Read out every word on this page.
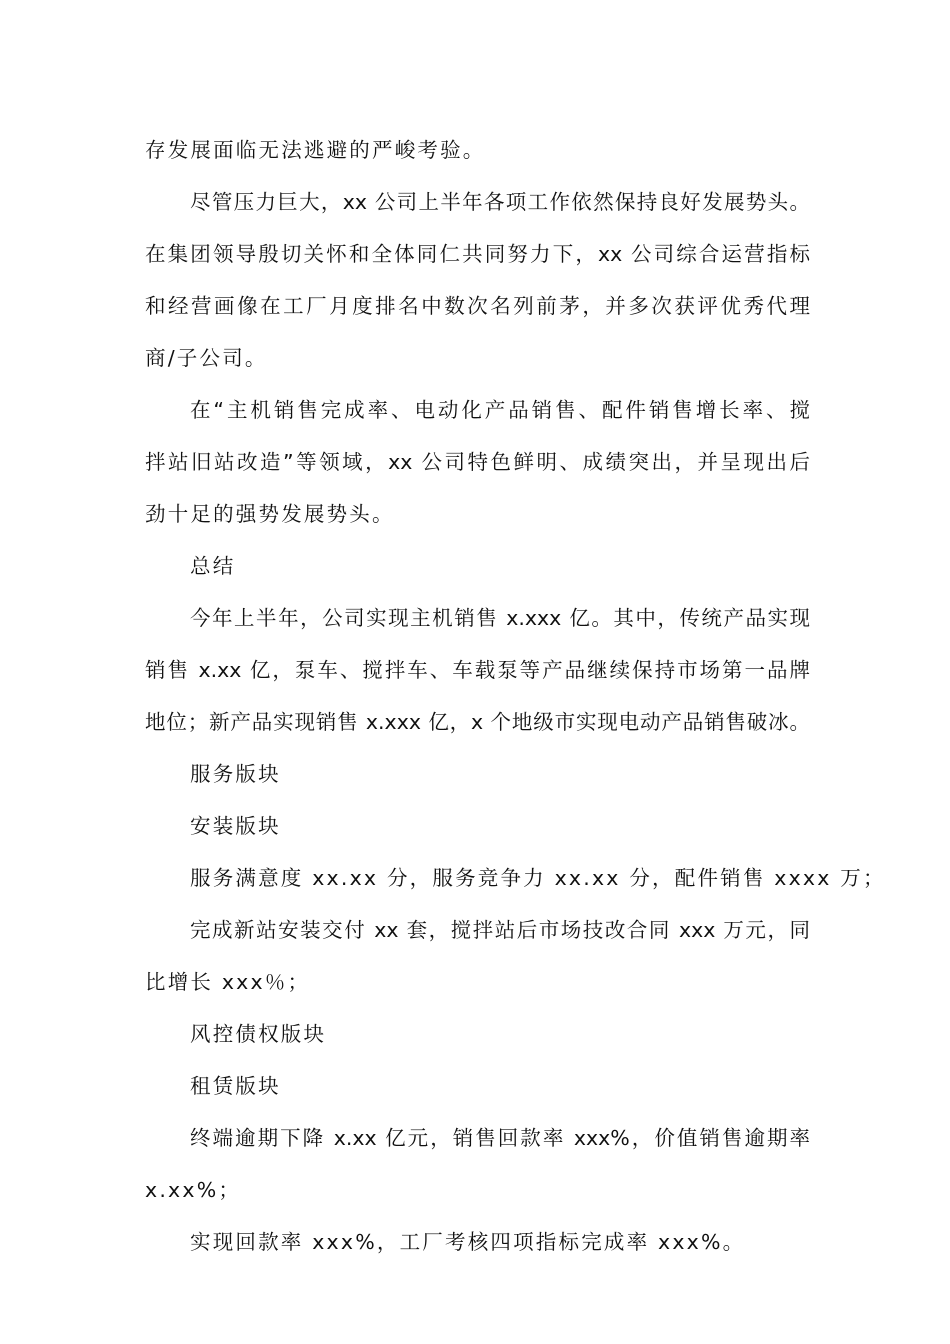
存发展面临无法逃避的严峻考验。

尽管压力巨大，xx 公司上半年各项工作依然保持良好发展势头。

在集团领导殷切关怀和全体同仁共同努力下，xx 公司综合运营指标

和经营画像在工厂月度排名中数次名列前茅，并多次获评优秀代理

商/子公司。

在“主机销售完成率、电动化产品销售、配件销售增长率、搅

拌站旧站改造”等领域，xx 公司特色鲜明、成绩突出，并呈现出后

劲十足的强势发展势头。

总结

今年上半年，公司实现主机销售 x.xxx 亿。其中，传统产品实现

销售 x.xx 亿，泵车、搅拌车、车载泵等产品继续保持市场第一品牌

地位；新产品实现销售 x.xxx 亿，x 个地级市实现电动产品销售破冰。

服务版块

安装版块

服务满意度 xx.xx 分，服务竞争力 xx.xx 分，配件销售 xxxx 万；

完成新站安装交付 xx 套，搅拌站后市场技改合同 xxx 万元，同

比增长 xxx％；

风控债权版块

租赁版块

终端逾期下降 x.xx 亿元，销售回款率 xxx%，价值销售逾期率

x.xx%；

实现回款率 xxx%，工厂考核四项指标完成率 xxx%。
